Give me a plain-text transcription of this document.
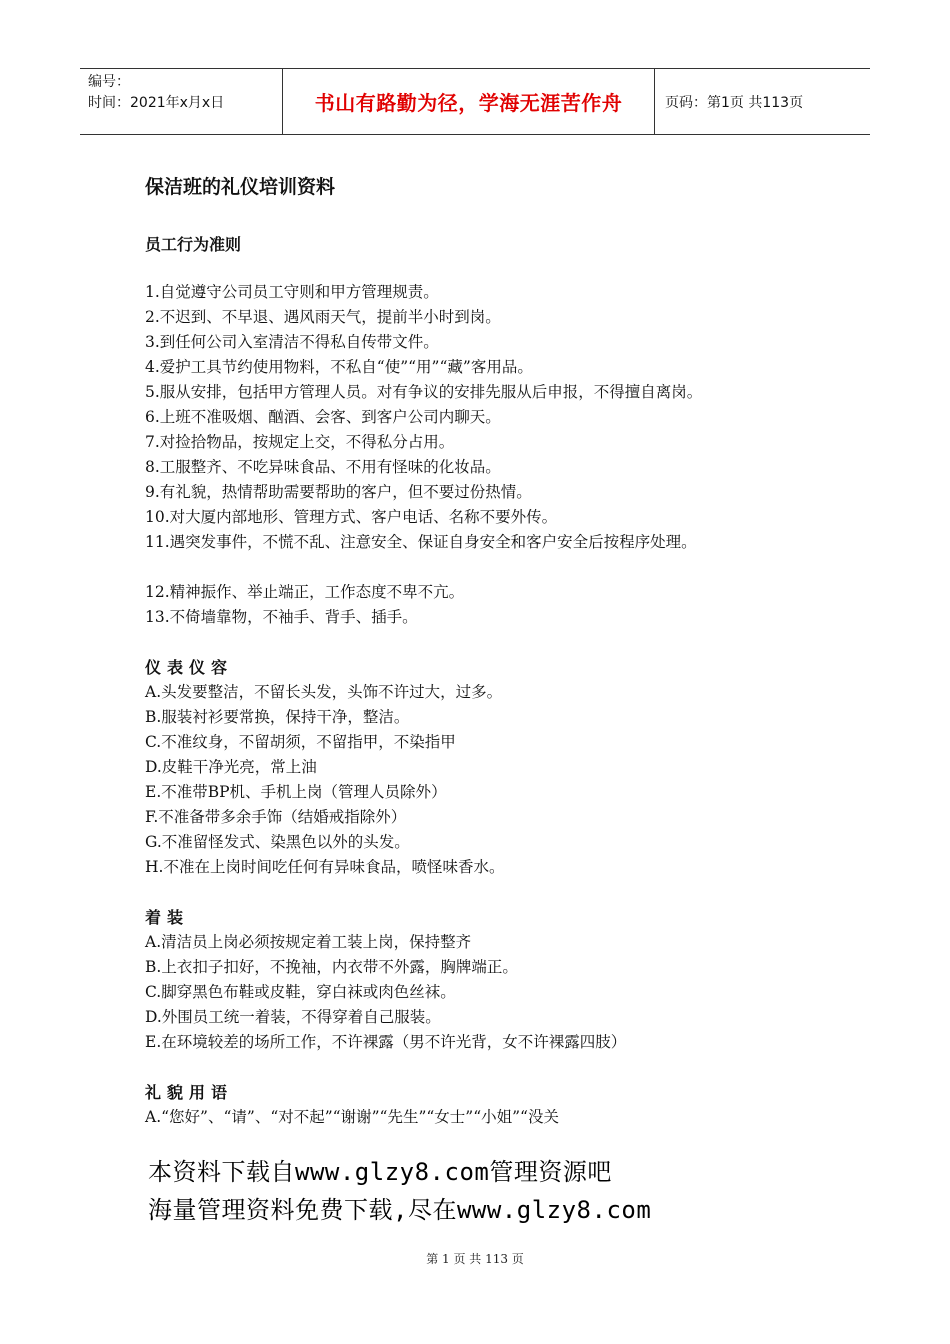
编号：
时间：2021年x月x日	书山有路勤为径，学海无涯苦作舟	页码：第1页 共113页
保洁班的礼仪培训资料
员工行为准则
1.自觉遵守公司员工守则和甲方管理规责。
2.不迟到、不早退、遇风雨天气，提前半小时到岗。
3.到任何公司入室清洁不得私自传带文件。
4.爱护工具节约使用物料，不私自“使”“用”“藏”客用品。
5.服从安排，包括甲方管理人员。对有争议的安排先服从后申报，不得擅自离岗。
6.上班不准吸烟、酗酒、会客、到客户公司内聊天。
7.对捡拾物品，按规定上交，不得私分占用。
8.工服整齐、不吃异味食品、不用有怪味的化妆品。
9.有礼貌，热情帮助需要帮助的客户，但不要过份热情。
10.对大厦内部地形、管理方式、客户电话、名称不要外传。
11.遇突发事件，不慌不乱、注意安全、保证自身安全和客户安全后按程序处理。
12.精神振作、举止端正，工作态度不卑不亢。
13.不倚墙靠物，不袖手、背手、插手。
仪表仪容
A.头发要整洁，不留长头发，头饰不许过大，过多。
B.服装衬衫要常换，保持干净，整洁。
C.不准纹身，不留胡须，不留指甲，不染指甲
D.皮鞋干净光亮，常上油
E.不准带BP机、手机上岗（管理人员除外）
F.不准备带多余手饰（结婚戒指除外）
G.不准留怪发式、染黑色以外的头发。
H.不准在上岗时间吃任何有异味食品，喷怪味香水。
着装
A.清洁员上岗必须按规定着工装上岗，保持整齐
B.上衣扣子扣好，不挽袖，内衣带不外露，胸牌端正。
C.脚穿黑色布鞋或皮鞋，穿白袜或肉色丝袜。
D.外围员工统一着装，不得穿着自己服装。
E.在环境较差的场所工作，不许裸露（男不许光背，女不许裸露四肢）
礼貌用语
A.“您好”、“请”、“对不起”“谢谢”“先生”“女士”“小姐”“没关
本资料下载自www.glzy8.com管理资源吧
海量管理资料免费下载,尽在www.glzy8.com
第 1 页 共 113 页
